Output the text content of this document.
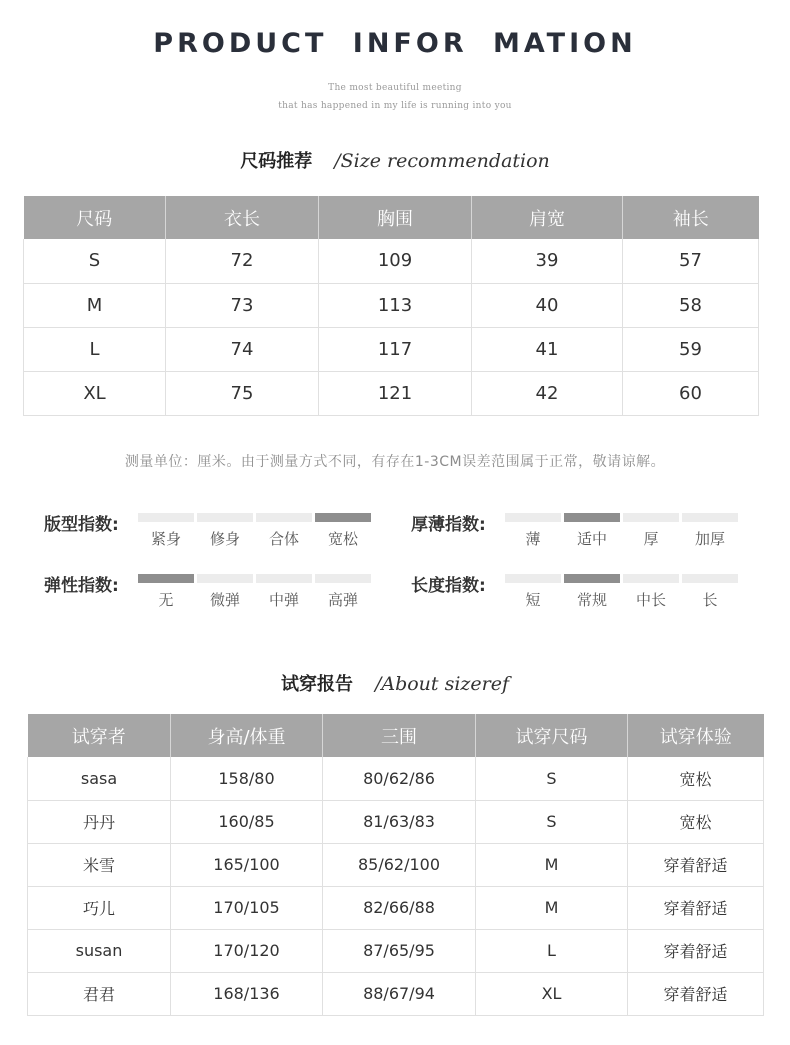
PRODUCT INFOR MATION
The most beautiful meeting
that has happened in my life is running into you
尺码推荐 /Size recommendation
尺码	衣长	胸围	肩宽	袖长
S	72	109	39	57
M	73	113	40	58
L	74	117	41	59
XL	75	121	42	60
测量单位：厘米。由于测量方式不同，有存在1-3CM误差范围属于正常，敬请谅解。
版型指数:
紧身	修身	合体	宽松
厚薄指数:
薄	适中	厚	加厚
弹性指数:
无	微弹	中弹	高弹
长度指数:
短	常规	中长	长
试穿报告 /About sizeref
试穿者	身高/体重	三围	试穿尺码	试穿体验
sasa	158/80	80/62/86	S	宽松
丹丹	160/85	81/63/83	S	宽松
米雪	165/100	85/62/100	M	穿着舒适
巧儿	170/105	82/66/88	M	穿着舒适
susan	170/120	87/65/95	L	穿着舒适
君君	168/136	88/67/94	XL	穿着舒适
